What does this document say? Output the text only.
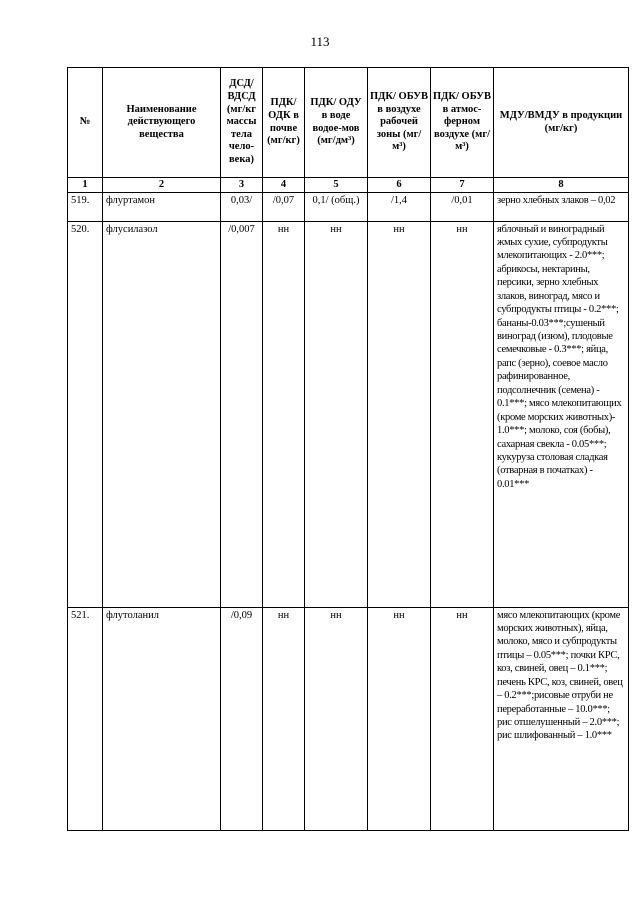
113
№	Наименование действующего вещества	ДСД/ ВДСД (мг/кг массы тела чело-века)	ПДК/ ОДК в почве (мг/кг)	ПДК/ ОДУ в воде водое-мов (мг/дм³)	ПДК/ ОБУВ в воздухе рабочей зоны (мг/м³)	ПДК/ ОБУВ в атмос-ферном воздухе (мг/м³)	МДУ/ВМДУ в продукции (мг/кг)
1	2	3	4	5	6	7	8
519.	флуртамон	0,03/	/0,07	0,1/ (общ.)	/1,4	/0,01	зерно хлебных злаков – 0,02
520.	флусилазол	/0,007	нн	нн	нн	нн	яблочный и виноградный жмых сухие, субпродукты млекопитающих - 2.0***; абрикосы, нектарины, персики, зерно хлебных злаков, виноград, мясо и субпродукты птицы - 0.2***; бананы-0.03***;сушеный виноград (изюм), плодовые семечковые - 0.3***; яйца, рапс (зерно), соевое масло рафинированное, подсолнечник (семена) - 0.1***; мясо млекопитающих (кроме морских животных)- 1.0***; молоко, соя (бобы), сахарная свекла - 0.05***; кукуруза столовая сладкая (отварная в початках) - 0.01***
521.	флутоланил	/0,09	нн	нн	нн	нн	мясо млекопитающих (кроме морских животных), яйца, молоко, мясо и субпродукты птицы – 0.05***; почки КРС, коз, свиней, овец – 0.1***; печень КРС, коз, свиней, овец – 0.2***;рисовые отруби не переработанные – 10.0***; рис отшелушенный – 2.0***; рис шлифованный – 1.0***
